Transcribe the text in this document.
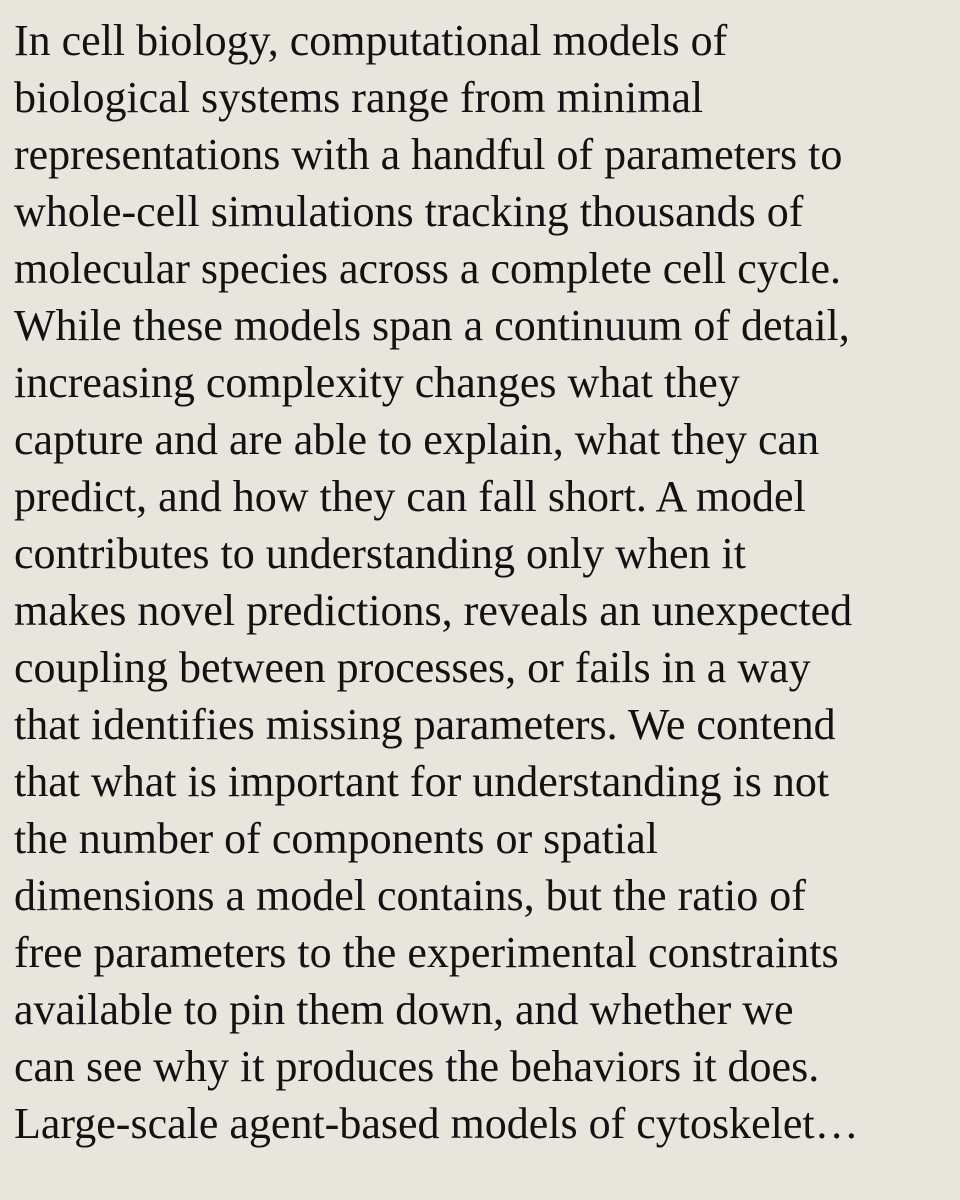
In cell biology, computational models of
biological systems range from minimal
representations with a handful of parameters to
whole-cell simulations tracking thousands of
molecular species across a complete cell cycle.
While these models span a continuum of detail,
increasing complexity changes what they
capture and are able to explain, what they can
predict, and how they can fall short. A model
contributes to understanding only when it
makes novel predictions, reveals an unexpected
coupling between processes, or fails in a way
that identifies missing parameters. We contend
that what is important for understanding is not
the number of components or spatial
dimensions a model contains, but the ratio of
free parameters to the experimental constraints
available to pin them down, and whether we
can see why it produces the behaviors it does.
Large-scale agent-based models of cytoskelet…
